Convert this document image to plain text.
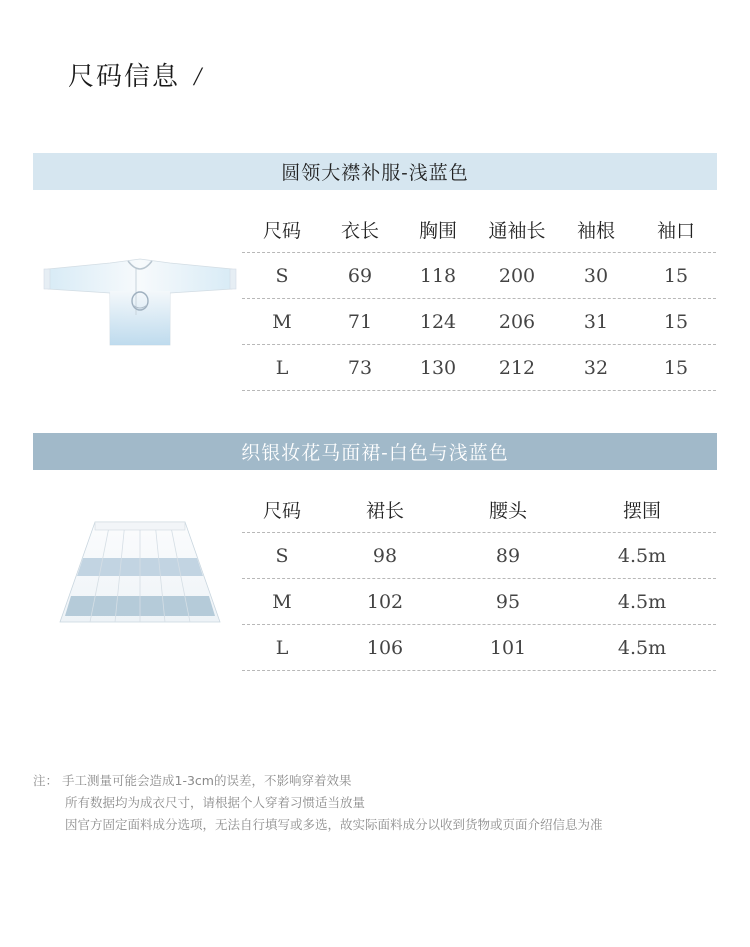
尺码信息 /
圆领大襟补服-浅蓝色
尺码	衣长	胸围	通袖长	袖根	袖口
S	69	118	200	30	15
M	71	124	206	31	15
L	73	130	212	32	15
织银妆花马面裙-白色与浅蓝色
尺码	裙长	腰头	摆围
S	98	89	4.5m
M	102	95	4.5m
L	106	101	4.5m
注： 手工测量可能会造成1-3cm的误差，不影响穿着效果
所有数据均为成衣尺寸，请根据个人穿着习惯适当放量
因官方固定面料成分选项，无法自行填写或多选，故实际面料成分以收到货物或页面介绍信息为准
